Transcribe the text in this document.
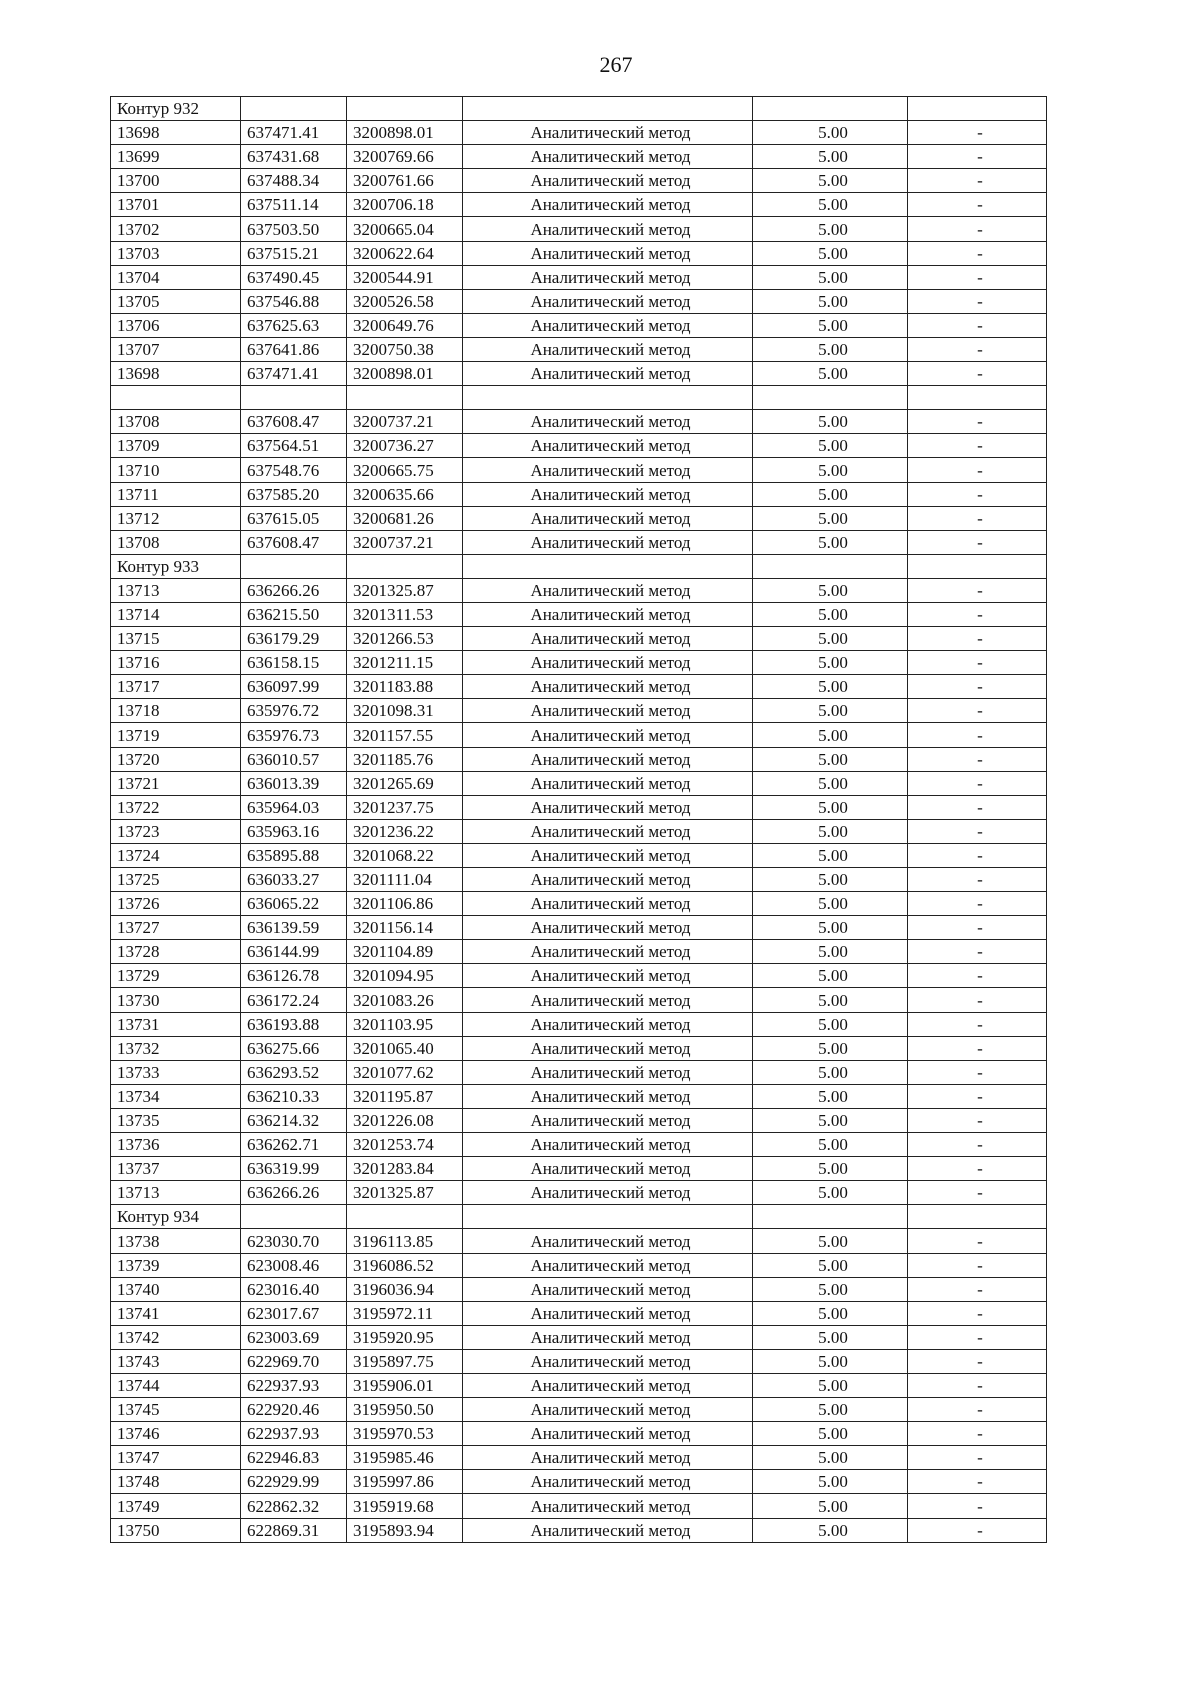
267
Контур 932					
13698	637471.41	3200898.01	Аналитический метод	5.00	-
13699	637431.68	3200769.66	Аналитический метод	5.00	-
13700	637488.34	3200761.66	Аналитический метод	5.00	-
13701	637511.14	3200706.18	Аналитический метод	5.00	-
13702	637503.50	3200665.04	Аналитический метод	5.00	-
13703	637515.21	3200622.64	Аналитический метод	5.00	-
13704	637490.45	3200544.91	Аналитический метод	5.00	-
13705	637546.88	3200526.58	Аналитический метод	5.00	-
13706	637625.63	3200649.76	Аналитический метод	5.00	-
13707	637641.86	3200750.38	Аналитический метод	5.00	-
13698	637471.41	3200898.01	Аналитический метод	5.00	-

13708	637608.47	3200737.21	Аналитический метод	5.00	-
13709	637564.51	3200736.27	Аналитический метод	5.00	-
13710	637548.76	3200665.75	Аналитический метод	5.00	-
13711	637585.20	3200635.66	Аналитический метод	5.00	-
13712	637615.05	3200681.26	Аналитический метод	5.00	-
13708	637608.47	3200737.21	Аналитический метод	5.00	-
Контур 933					
13713	636266.26	3201325.87	Аналитический метод	5.00	-
13714	636215.50	3201311.53	Аналитический метод	5.00	-
13715	636179.29	3201266.53	Аналитический метод	5.00	-
13716	636158.15	3201211.15	Аналитический метод	5.00	-
13717	636097.99	3201183.88	Аналитический метод	5.00	-
13718	635976.72	3201098.31	Аналитический метод	5.00	-
13719	635976.73	3201157.55	Аналитический метод	5.00	-
13720	636010.57	3201185.76	Аналитический метод	5.00	-
13721	636013.39	3201265.69	Аналитический метод	5.00	-
13722	635964.03	3201237.75	Аналитический метод	5.00	-
13723	635963.16	3201236.22	Аналитический метод	5.00	-
13724	635895.88	3201068.22	Аналитический метод	5.00	-
13725	636033.27	3201111.04	Аналитический метод	5.00	-
13726	636065.22	3201106.86	Аналитический метод	5.00	-
13727	636139.59	3201156.14	Аналитический метод	5.00	-
13728	636144.99	3201104.89	Аналитический метод	5.00	-
13729	636126.78	3201094.95	Аналитический метод	5.00	-
13730	636172.24	3201083.26	Аналитический метод	5.00	-
13731	636193.88	3201103.95	Аналитический метод	5.00	-
13732	636275.66	3201065.40	Аналитический метод	5.00	-
13733	636293.52	3201077.62	Аналитический метод	5.00	-
13734	636210.33	3201195.87	Аналитический метод	5.00	-
13735	636214.32	3201226.08	Аналитический метод	5.00	-
13736	636262.71	3201253.74	Аналитический метод	5.00	-
13737	636319.99	3201283.84	Аналитический метод	5.00	-
13713	636266.26	3201325.87	Аналитический метод	5.00	-
Контур 934					
13738	623030.70	3196113.85	Аналитический метод	5.00	-
13739	623008.46	3196086.52	Аналитический метод	5.00	-
13740	623016.40	3196036.94	Аналитический метод	5.00	-
13741	623017.67	3195972.11	Аналитический метод	5.00	-
13742	623003.69	3195920.95	Аналитический метод	5.00	-
13743	622969.70	3195897.75	Аналитический метод	5.00	-
13744	622937.93	3195906.01	Аналитический метод	5.00	-
13745	622920.46	3195950.50	Аналитический метод	5.00	-
13746	622937.93	3195970.53	Аналитический метод	5.00	-
13747	622946.83	3195985.46	Аналитический метод	5.00	-
13748	622929.99	3195997.86	Аналитический метод	5.00	-
13749	622862.32	3195919.68	Аналитический метод	5.00	-
13750	622869.31	3195893.94	Аналитический метод	5.00	-
